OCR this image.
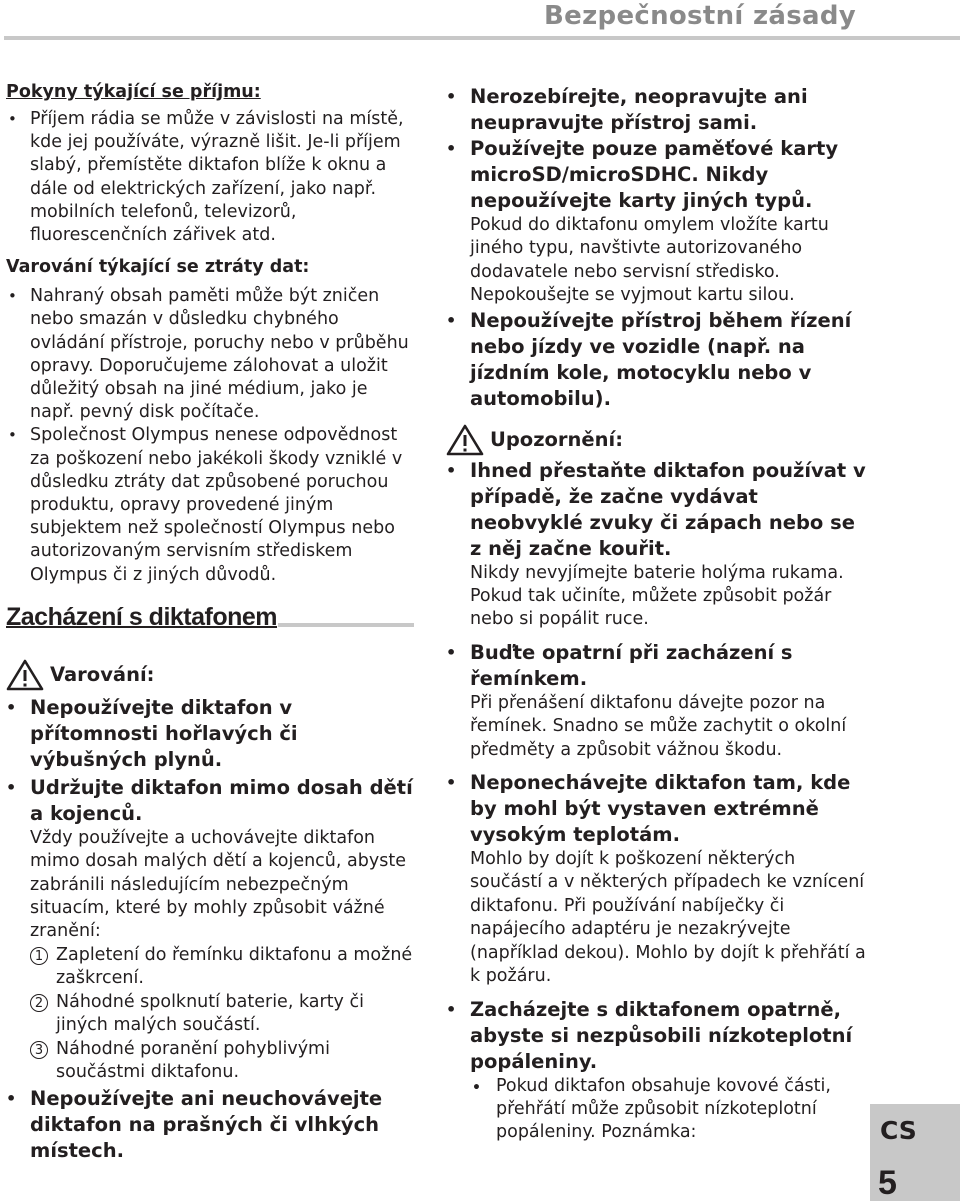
Bezpečnostní zásady

Pokyny týkající se příjmu:

• Příjem rádia se může v závislosti na místě, kde jej používáte, výrazně lišit. Je-li příjem slabý, přemístěte diktafon blíže k oknu a dále od elektrických zařízení, jako např. mobilních telefonů, televizorů, fluorescenčních zářivek atd.

Varování týkající se ztráty dat:

• Nahraný obsah paměti může být zničen nebo smazán v důsledku chybného ovládání přístroje, poruchy nebo v průběhu opravy. Doporučujeme zálohovat a uložit důležitý obsah na jiné médium, jako je např. pevný disk počítače.
• Společnost Olympus nenese odpovědnost za poškození nebo jakékoli škody vzniklé v důsledku ztráty dat způsobené poruchou produktu, opravy provedené jiným subjektem než společností Olympus nebo autorizovaným servisním střediskem Olympus či z jiných důvodů.

Zacházení s diktafonem

Varování:
• Nepoužívejte diktafon v přítomnosti hořlavých či výbušných plynů.
• Udržujte diktafon mimo dosah dětí a kojenců.
Vždy používejte a uchovávejte diktafon mimo dosah malých dětí a kojenců, abyste zabránili následujícím nebezpečným situacím, které by mohly způsobit vážné zranění:
1 Zapletení do řemínku diktafonu a možné zaškrcení.
2 Náhodné spolknutí baterie, karty či jiných malých součástí.
3 Náhodné poranění pohyblivými součástmi diktafonu.
• Nepoužívejte ani neuchovávejte diktafon na prašných či vlhkých místech.
• Nerozebírejte, neopravujte ani neupravujte přístroj sami.
• Používejte pouze paměťové karty microSD/microSDHC. Nikdy nepoužívejte karty jiných typů.
Pokud do diktafonu omylem vložíte kartu jiného typu, navštivte autorizovaného dodavatele nebo servisní středisko. Nepokoušejte se vyjmout kartu silou.
• Nepoužívejte přístroj během řízení nebo jízdy ve vozidle (např. na jízdním kole, motocyklu nebo v automobilu).
Upozornění:
• Ihned přestaňte diktafon používat v případě, že začne vydávat neobvyklé zvuky či zápach nebo se z něj začne kouřit.
Nikdy nevyjímejte baterie holýma rukama. Pokud tak učiníte, můžete způsobit požár nebo si popálit ruce.
• Buďte opatrní při zacházení s řemínkem.
Při přenášení diktafonu dávejte pozor na řemínek. Snadno se může zachytit o okolní předměty a způsobit vážnou škodu.
• Neponechávejte diktafon tam, kde by mohl být vystaven extrémně vysokým teplotám.
Mohlo by dojít k poškození některých součástí a v některých případech ke vznícení diktafonu. Při používání nabíječky či napájecího adaptéru je nezakrývejte (například dekou). Mohlo by dojít k přehřátí a k požáru.
• Zacházejte s diktafonem opatrně, abyste si nezpůsobili nízkoteplotní popáleniny.
• Pokud diktafon obsahuje kovové části, přehřátí může způsobit nízkoteplotní popáleniny. Poznámka:	CS
5
